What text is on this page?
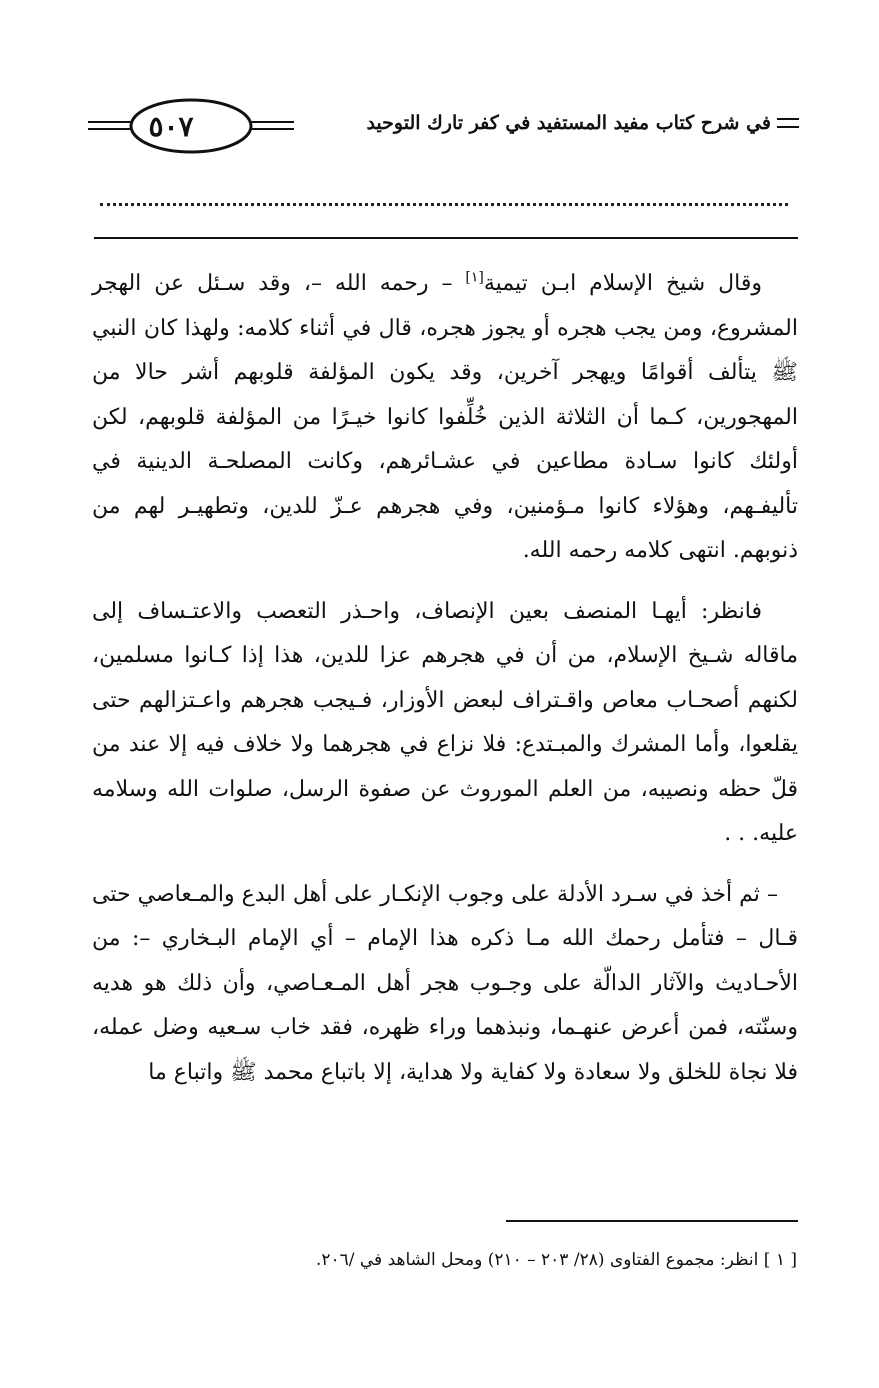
في شرح كتاب مفيد المستفيد في كفر تارك التوحيد
٥٠٧

وقال شيخ الإسلام ابـن تيمية[١] – رحمه الله –، وقد سـئل عن الهجر المشروع، ومن يجب هجره أو يجوز هجره، قال في أثناء كلامه: ولهذا كان النبي ﷺ يتألف أقوامًا ويهجر آخرين، وقد يكون المؤلفة قلوبهم أشر حالا من المهجورين، كـما أن الثلاثة الذين خُلِّفوا كانوا خيـرًا من المؤلفة قلوبهم، لكن أولئك كانوا سـادة مطاعين في عشـائرهم، وكانت المصلحـة الدينية في تأليفـهم، وهؤلاء كانوا مـؤمنين، وفي هجرهم عـزّ للدين، وتطهيـر لهم من ذنوبهم. انتهى كلامه رحمه الله.

فانظر: أيهـا المنصف بعين الإنصاف، واحـذر التعصب والاعتـساف إلى ماقاله شـيخ الإسلام، من أن في هجرهم عزا للدين، هذا إذا كـانوا مسلمين، لكنهم أصحـاب معاص واقـتراف لبعض الأوزار، فـيجب هجرهم واعـتزالهم حتى يقلعوا، وأما المشرك والمبـتدع: فلا نزاع في هجرهما ولا خلاف فيه إلا عند من قلّ حظه ونصيبه، من العلم الموروث عن صفوة الرسل، صلوات الله وسلامه عليه. . .

– ثم أخذ في سـرد الأدلة على وجوب الإنكـار على أهل البدع والمـعاصي حتى قـال – فتأمل رحمك الله مـا ذكره هذا الإمام – أي الإمام البـخاري –: من الأحـاديث والآثار الدالّة على وجـوب هجر أهل المـعـاصي، وأن ذلك هو هديه وسنّته، فمن أعرض عنهـما، ونبذهما وراء ظهره، فقد خاب سـعيه وضل عمله، فلا نجاة للخلق ولا سعادة ولا كفاية ولا هداية، إلا باتباع محمد ﷺ واتباع ما

[ ١ ] انظر: مجموع الفتاوى (٢٨/ ٢٠٣ – ٢١٠) ومحل الشاهد في /٢٠٦.
